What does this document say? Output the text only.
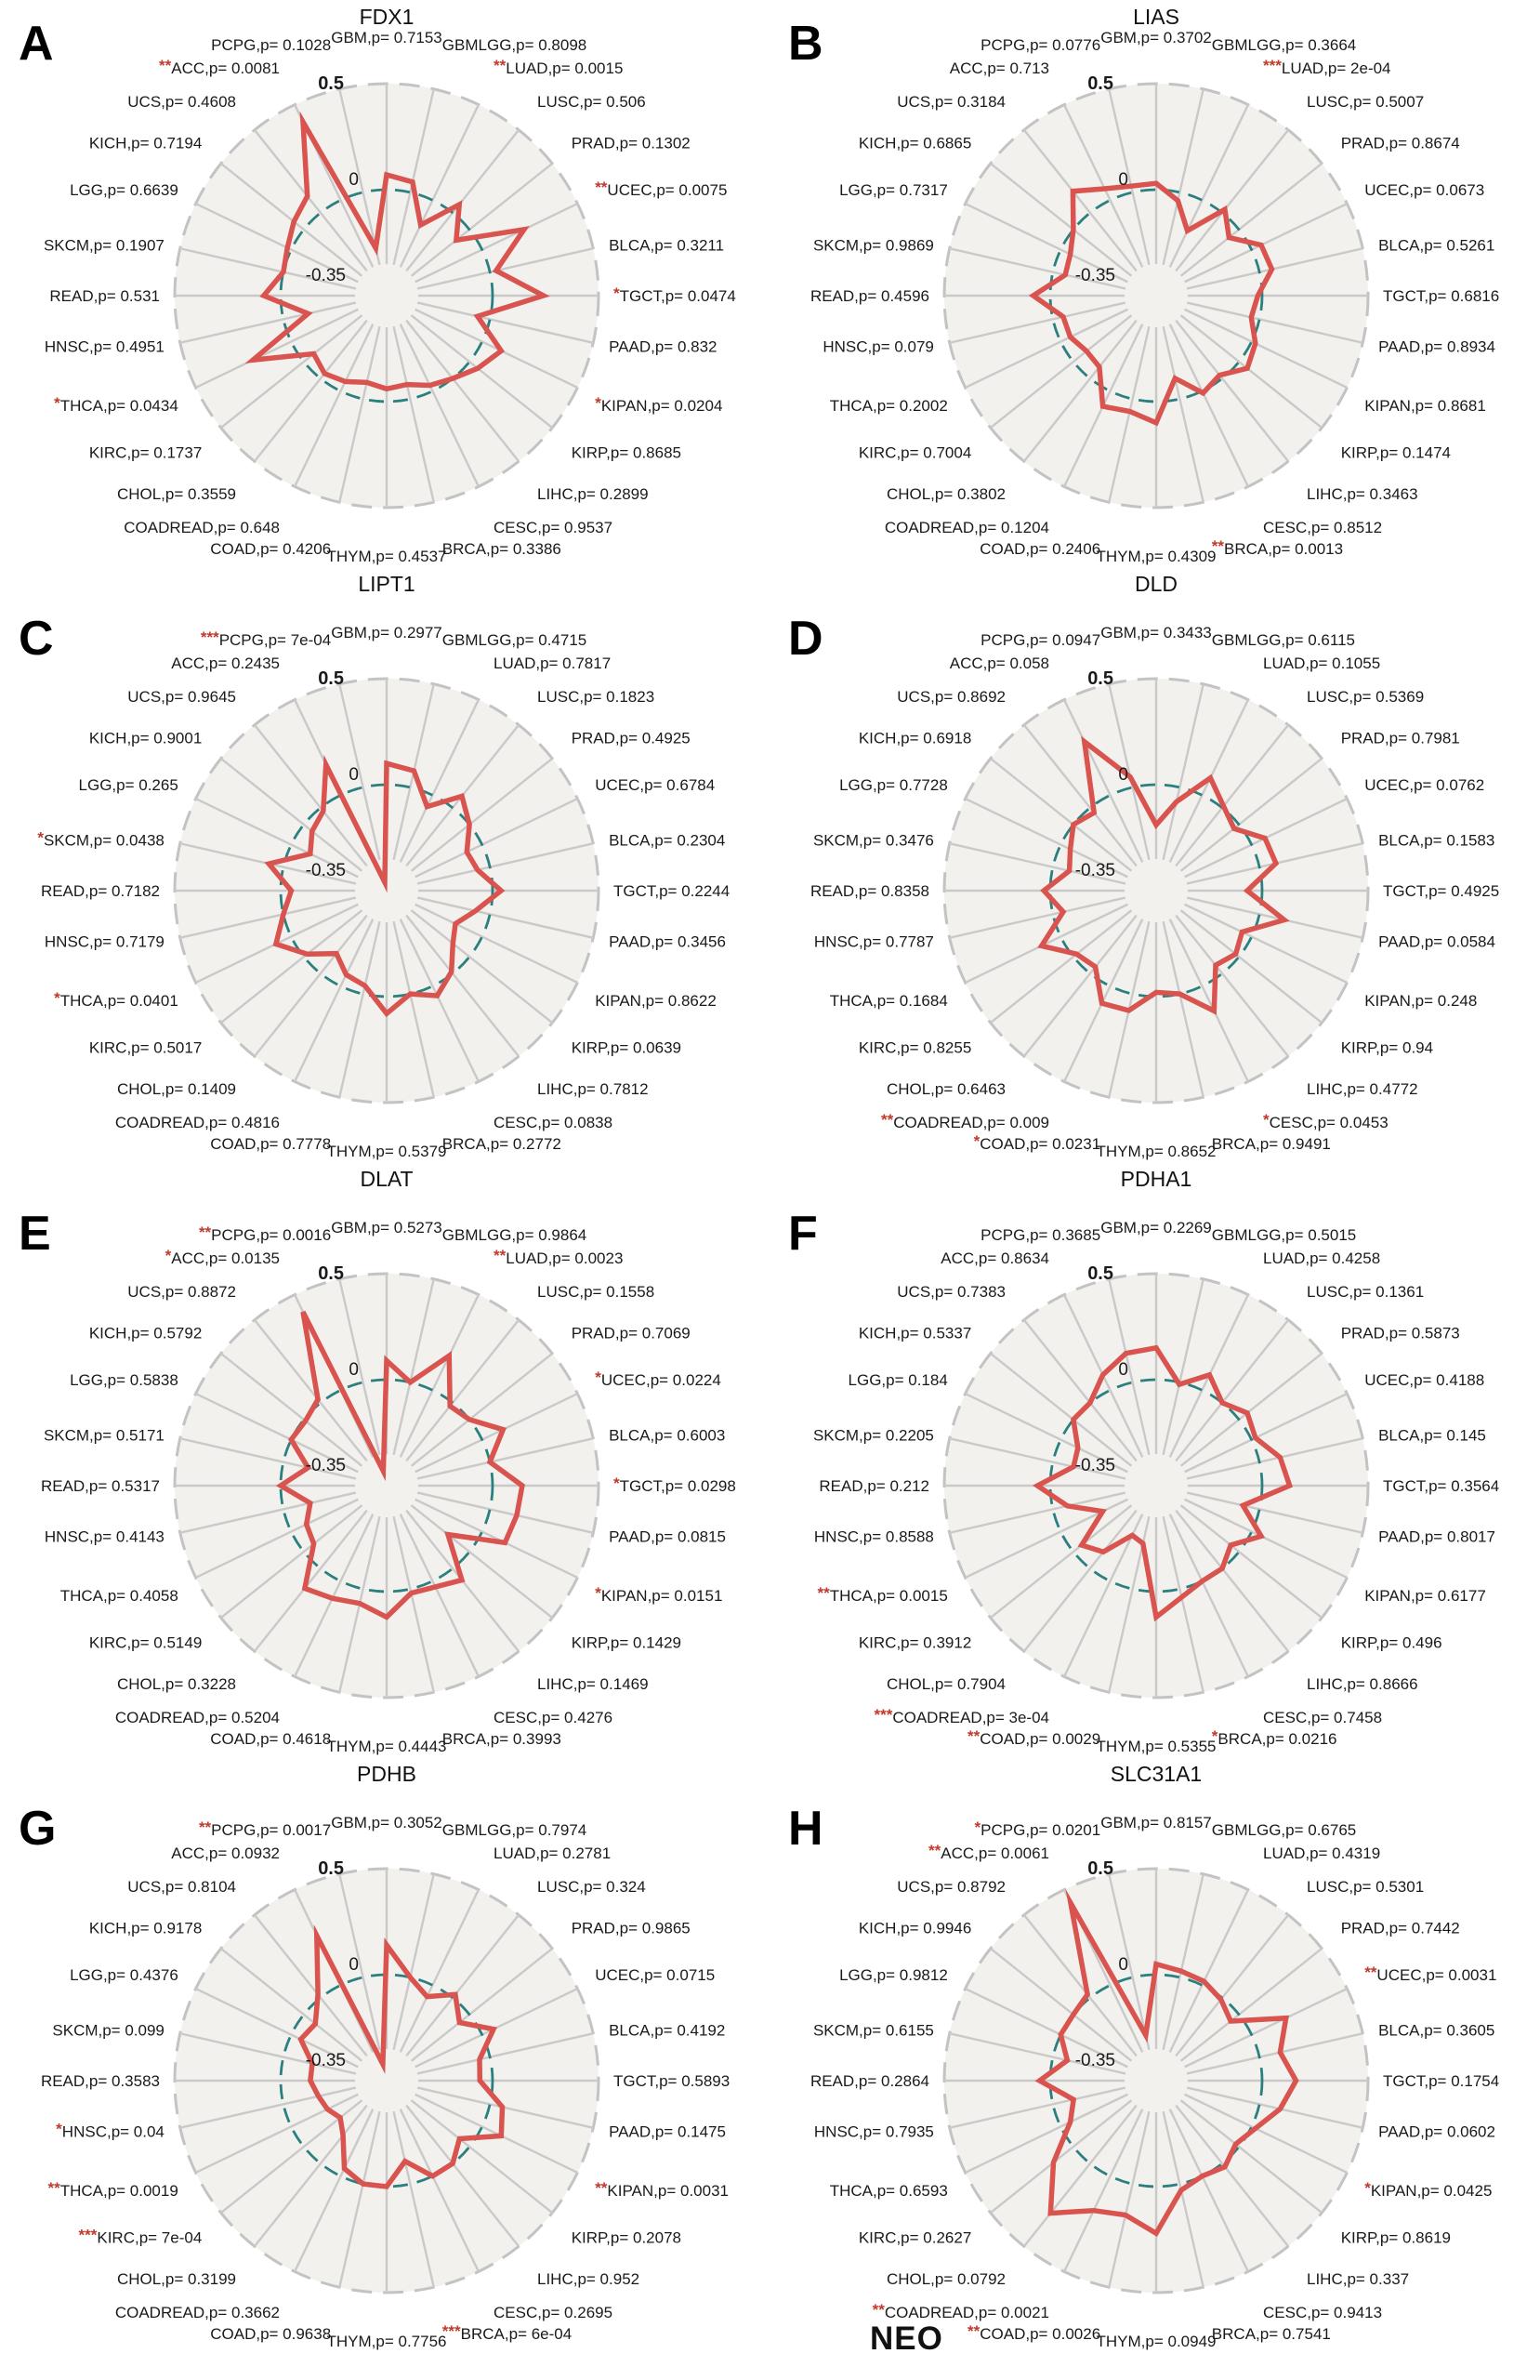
0.5
0
-0.35
GBM,p= 0.7153 GBMLGG,p= 0.8098
**LUAD,p= 0.0015
LUSC,p= 0.506
PRAD,p= 0.1302
**UCEC,p= 0.0075
BLCA,p= 0.3211
*TGCT,p= 0.0474
PAAD,p= 0.832
*KIPAN,p= 0.0204
KIRP,p= 0.8685
LIHC,p= 0.2899
CESC,p= 0.9537
BRCA,p= 0.3386
THYM,p= 0.4537
COAD,p= 0.4206
COADREAD,p= 0.648
CHOL,p= 0.3559
KIRC,p= 0.1737
*THCA,p= 0.0434
HNSC,p= 0.4951
READ,p= 0.531
SKCM,p= 0.1907
LGG,p= 0.6639
KICH,p= 0.7194
UCS,p= 0.4608
**ACC,p= 0.0081
PCPG,p= 0.1028
FDX1
A
0.5
0
-0.35
GBM,p= 0.3702 GBMLGG,p= 0.3664
***LUAD,p= 2e-04
LUSC,p= 0.5007
PRAD,p= 0.8674
UCEC,p= 0.0673
BLCA,p= 0.5261
TGCT,p= 0.6816
PAAD,p= 0.8934
KIPAN,p= 0.8681
KIRP,p= 0.1474
LIHC,p= 0.3463
CESC,p= 0.8512
**BRCA,p= 0.0013
THYM,p= 0.4309
COAD,p= 0.2406
COADREAD,p= 0.1204
CHOL,p= 0.3802
KIRC,p= 0.7004
THCA,p= 0.2002
HNSC,p= 0.079
READ,p= 0.4596
SKCM,p= 0.9869
LGG,p= 0.7317
KICH,p= 0.6865
UCS,p= 0.3184
ACC,p= 0.713
PCPG,p= 0.0776
LIAS
B
0.5
0
-0.35
GBM,p= 0.2977 GBMLGG,p= 0.4715
LUAD,p= 0.7817
LUSC,p= 0.1823
PRAD,p= 0.4925
UCEC,p= 0.6784
BLCA,p= 0.2304
TGCT,p= 0.2244
PAAD,p= 0.3456
KIPAN,p= 0.8622
KIRP,p= 0.0639
LIHC,p= 0.7812
CESC,p= 0.0838
BRCA,p= 0.2772
THYM,p= 0.5379
COAD,p= 0.7778
COADREAD,p= 0.4816
CHOL,p= 0.1409
KIRC,p= 0.5017
*THCA,p= 0.0401
HNSC,p= 0.7179
READ,p= 0.7182
*SKCM,p= 0.0438
LGG,p= 0.265
KICH,p= 0.9001
UCS,p= 0.9645
ACC,p= 0.2435
***PCPG,p= 7e-04
LIPT1
C
0.5
0
-0.35
GBM,p= 0.3433 GBMLGG,p= 0.6115
LUAD,p= 0.1055
LUSC,p= 0.5369
PRAD,p= 0.7981
UCEC,p= 0.0762
BLCA,p= 0.1583
TGCT,p= 0.4925
PAAD,p= 0.0584
KIPAN,p= 0.248
KIRP,p= 0.94
LIHC,p= 0.4772
*CESC,p= 0.0453
BRCA,p= 0.9491
THYM,p= 0.8652
*COAD,p= 0.0231
**COADREAD,p= 0.009
CHOL,p= 0.6463
KIRC,p= 0.8255
THCA,p= 0.1684
HNSC,p= 0.7787
READ,p= 0.8358
SKCM,p= 0.3476
LGG,p= 0.7728
KICH,p= 0.6918
UCS,p= 0.8692
ACC,p= 0.058
PCPG,p= 0.0947
DLD
D
0.5
0
-0.35
GBM,p= 0.5273 GBMLGG,p= 0.9864
**LUAD,p= 0.0023
LUSC,p= 0.1558
PRAD,p= 0.7069
*UCEC,p= 0.0224
BLCA,p= 0.6003
*TGCT,p= 0.0298
PAAD,p= 0.0815
*KIPAN,p= 0.0151
KIRP,p= 0.1429
LIHC,p= 0.1469
CESC,p= 0.4276
BRCA,p= 0.3993
THYM,p= 0.4443
COAD,p= 0.4618
COADREAD,p= 0.5204
CHOL,p= 0.3228
KIRC,p= 0.5149
THCA,p= 0.4058
HNSC,p= 0.4143
READ,p= 0.5317
SKCM,p= 0.5171
LGG,p= 0.5838
KICH,p= 0.5792
UCS,p= 0.8872
*ACC,p= 0.0135
**PCPG,p= 0.0016
DLAT
E
0.5
0
-0.35
GBM,p= 0.2269 GBMLGG,p= 0.5015
LUAD,p= 0.4258
LUSC,p= 0.1361
PRAD,p= 0.5873
UCEC,p= 0.4188
BLCA,p= 0.145
TGCT,p= 0.3564
PAAD,p= 0.8017
KIPAN,p= 0.6177
KIRP,p= 0.496
LIHC,p= 0.8666
CESC,p= 0.7458
*BRCA,p= 0.0216
THYM,p= 0.5355
**COAD,p= 0.0029
***COADREAD,p= 3e-04
CHOL,p= 0.7904
KIRC,p= 0.3912
**THCA,p= 0.0015
HNSC,p= 0.8588
READ,p= 0.212
SKCM,p= 0.2205
LGG,p= 0.184
KICH,p= 0.5337
UCS,p= 0.7383
ACC,p= 0.8634
PCPG,p= 0.3685
PDHA1
F
0.5
0
-0.35
GBM,p= 0.3052 GBMLGG,p= 0.7974
LUAD,p= 0.2781
LUSC,p= 0.324
PRAD,p= 0.9865
UCEC,p= 0.0715
BLCA,p= 0.4192
TGCT,p= 0.5893
PAAD,p= 0.1475
**KIPAN,p= 0.0031
KIRP,p= 0.2078
LIHC,p= 0.952
CESC,p= 0.2695
***BRCA,p= 6e-04
THYM,p= 0.7756
COAD,p= 0.9638
COADREAD,p= 0.3662
CHOL,p= 0.3199
***KIRC,p= 7e-04
**THCA,p= 0.0019
*HNSC,p= 0.04
READ,p= 0.3583
SKCM,p= 0.099
LGG,p= 0.4376
KICH,p= 0.9178
UCS,p= 0.8104
ACC,p= 0.0932
**PCPG,p= 0.0017
PDHB
G
0.5
0
-0.35
GBM,p= 0.8157 GBMLGG,p= 0.6765
LUAD,p= 0.4319
LUSC,p= 0.5301
PRAD,p= 0.7442
**UCEC,p= 0.0031
BLCA,p= 0.3605
TGCT,p= 0.1754
PAAD,p= 0.0602
*KIPAN,p= 0.0425
KIRP,p= 0.8619
LIHC,p= 0.337
CESC,p= 0.9413
BRCA,p= 0.7541
THYM,p= 0.0949
**COAD,p= 0.0026
**COADREAD,p= 0.0021
CHOL,p= 0.0792
KIRC,p= 0.2627
THCA,p= 0.6593
HNSC,p= 0.7935
READ,p= 0.2864
SKCM,p= 0.6155
LGG,p= 0.9812
KICH,p= 0.9946
UCS,p= 0.8792
**ACC,p= 0.0061
*PCPG,p= 0.0201
SLC31A1
H
NEO
